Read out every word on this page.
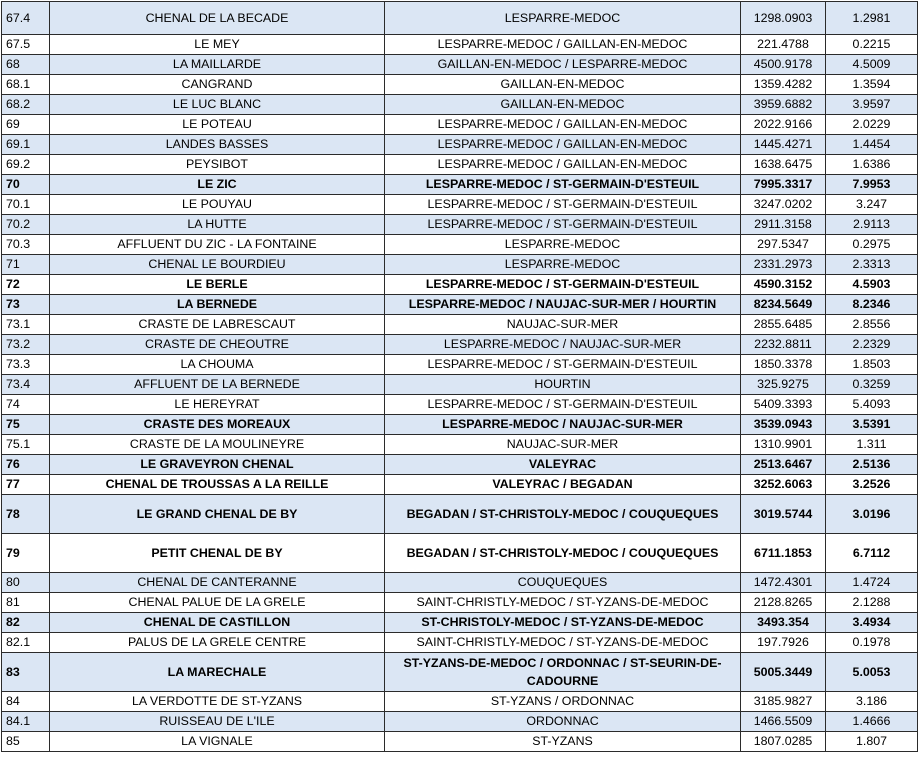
67.4	CHENAL DE LA BECADE	LESPARRE-MEDOC	1298.0903	1.2981
67.5	LE MEY	LESPARRE-MEDOC / GAILLAN-EN-MEDOC	221.4788	0.2215
68	LA MAILLARDE	GAILLAN-EN-MEDOC / LESPARRE-MEDOC	4500.9178	4.5009
68.1	CANGRAND	GAILLAN-EN-MEDOC	1359.4282	1.3594
68.2	LE LUC BLANC	GAILLAN-EN-MEDOC	3959.6882	3.9597
69	LE POTEAU	LESPARRE-MEDOC / GAILLAN-EN-MEDOC	2022.9166	2.0229
69.1	LANDES BASSES	LESPARRE-MEDOC / GAILLAN-EN-MEDOC	1445.4271	1.4454
69.2	PEYSIBOT	LESPARRE-MEDOC / GAILLAN-EN-MEDOC	1638.6475	1.6386
70	LE ZIC	LESPARRE-MEDOC / ST-GERMAIN-D'ESTEUIL	7995.3317	7.9953
70.1	LE POUYAU	LESPARRE-MEDOC / ST-GERMAIN-D'ESTEUIL	3247.0202	3.247
70.2	LA HUTTE	LESPARRE-MEDOC / ST-GERMAIN-D'ESTEUIL	2911.3158	2.9113
70.3	AFFLUENT DU ZIC - LA FONTAINE	LESPARRE-MEDOC	297.5347	0.2975
71	CHENAL LE BOURDIEU	LESPARRE-MEDOC	2331.2973	2.3313
72	LE BERLE	LESPARRE-MEDOC / ST-GERMAIN-D'ESTEUIL	4590.3152	4.5903
73	LA BERNEDE	LESPARRE-MEDOC / NAUJAC-SUR-MER / HOURTIN	8234.5649	8.2346
73.1	CRASTE DE LABRESCAUT	NAUJAC-SUR-MER	2855.6485	2.8556
73.2	CRASTE DE CHEOUTRE	LESPARRE-MEDOC / NAUJAC-SUR-MER	2232.8811	2.2329
73.3	LA CHOUMA	LESPARRE-MEDOC / ST-GERMAIN-D'ESTEUIL	1850.3378	1.8503
73.4	AFFLUENT DE LA BERNEDE	HOURTIN	325.9275	0.3259
74	LE HEREYRAT	LESPARRE-MEDOC / ST-GERMAIN-D'ESTEUIL	5409.3393	5.4093
75	CRASTE DES MOREAUX	LESPARRE-MEDOC / NAUJAC-SUR-MER	3539.0943	3.5391
75.1	CRASTE DE LA MOULINEYRE	NAUJAC-SUR-MER	1310.9901	1.311
76	LE GRAVEYRON CHENAL	VALEYRAC	2513.6467	2.5136
77	CHENAL DE TROUSSAS A LA REILLE	VALEYRAC / BEGADAN	3252.6063	3.2526
78	LE GRAND CHENAL DE BY	BEGADAN / ST-CHRISTOLY-MEDOC / COUQUEQUES	3019.5744	3.0196
79	PETIT CHENAL DE BY	BEGADAN / ST-CHRISTOLY-MEDOC / COUQUEQUES	6711.1853	6.7112
80	CHENAL DE CANTERANNE	COUQUEQUES	1472.4301	1.4724
81	CHENAL PALUE DE LA GRELE	SAINT-CHRISTLY-MEDOC / ST-YZANS-DE-MEDOC	2128.8265	2.1288
82	CHENAL DE CASTILLON	ST-CHRISTOLY-MEDOC / ST-YZANS-DE-MEDOC	3493.354	3.4934
82.1	PALUS DE LA GRELE CENTRE	SAINT-CHRISTLY-MEDOC / ST-YZANS-DE-MEDOC	197.7926	0.1978
83	LA MARECHALE	ST-YZANS-DE-MEDOC / ORDONNAC / ST-SEURIN-DE-CADOURNE	5005.3449	5.0053
84	LA VERDOTTE DE ST-YZANS	ST-YZANS / ORDONNAC	3185.9827	3.186
84.1	RUISSEAU DE L'ILE	ORDONNAC	1466.5509	1.4666
85	LA VIGNALE	ST-YZANS	1807.0285	1.807
